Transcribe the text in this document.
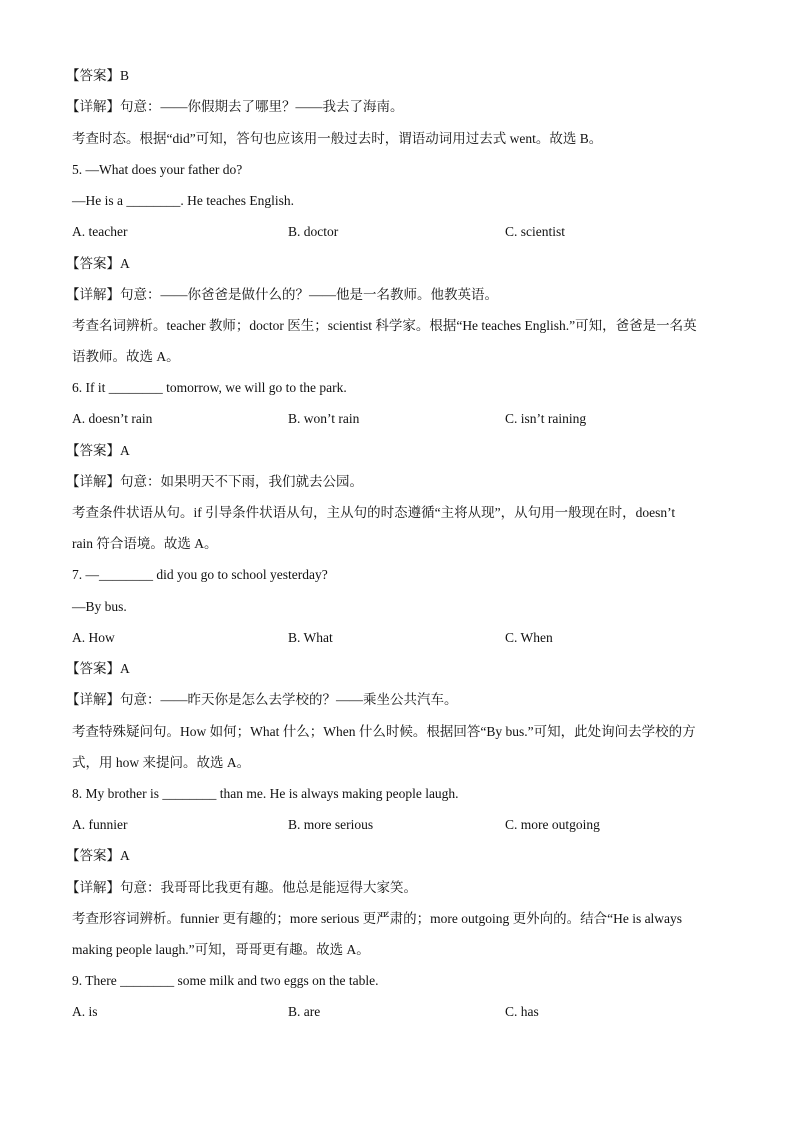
【答案】B
【详解】句意：——你假期去了哪里？——我去了海南。
考查时态。根据“did”可知，答句也应该用一般过去时，谓语动词用过去式 went。故选 B。
5. —What does your father do?
—He is a ________. He teaches English.
A. teacher	B. doctor	C. scientist
【答案】A
【详解】句意：——你爸爸是做什么的？——他是一名教师。他教英语。
考查名词辨析。teacher 教师；doctor 医生；scientist 科学家。根据“He teaches English.”可知，爸爸是一名英
语教师。故选 A。
6. If it ________ tomorrow, we will go to the park.
A. doesn’t rain	B. won’t rain	C. isn’t raining
【答案】A
【详解】句意：如果明天不下雨，我们就去公园。
考查条件状语从句。if 引导条件状语从句，主从句的时态遵循“主将从现”，从句用一般现在时，doesn’t
rain 符合语境。故选 A。
7. —________ did you go to school yesterday?
—By bus.
A. How	B. What	C. When
【答案】A
【详解】句意：——昨天你是怎么去学校的？——乘坐公共汽车。
考查特殊疑问句。How 如何；What 什么；When 什么时候。根据回答“By bus.”可知，此处询问去学校的方
式，用 how 来提问。故选 A。
8. My brother is ________ than me. He is always making people laugh.
A. funnier	B. more serious	C. more outgoing
【答案】A
【详解】句意：我哥哥比我更有趣。他总是能逗得大家笑。
考查形容词辨析。funnier 更有趣的；more serious 更严肃的；more outgoing 更外向的。结合“He is always
making people laugh.”可知，哥哥更有趣。故选 A。
9. There ________ some milk and two eggs on the table.
A. is	B. are	C. has
